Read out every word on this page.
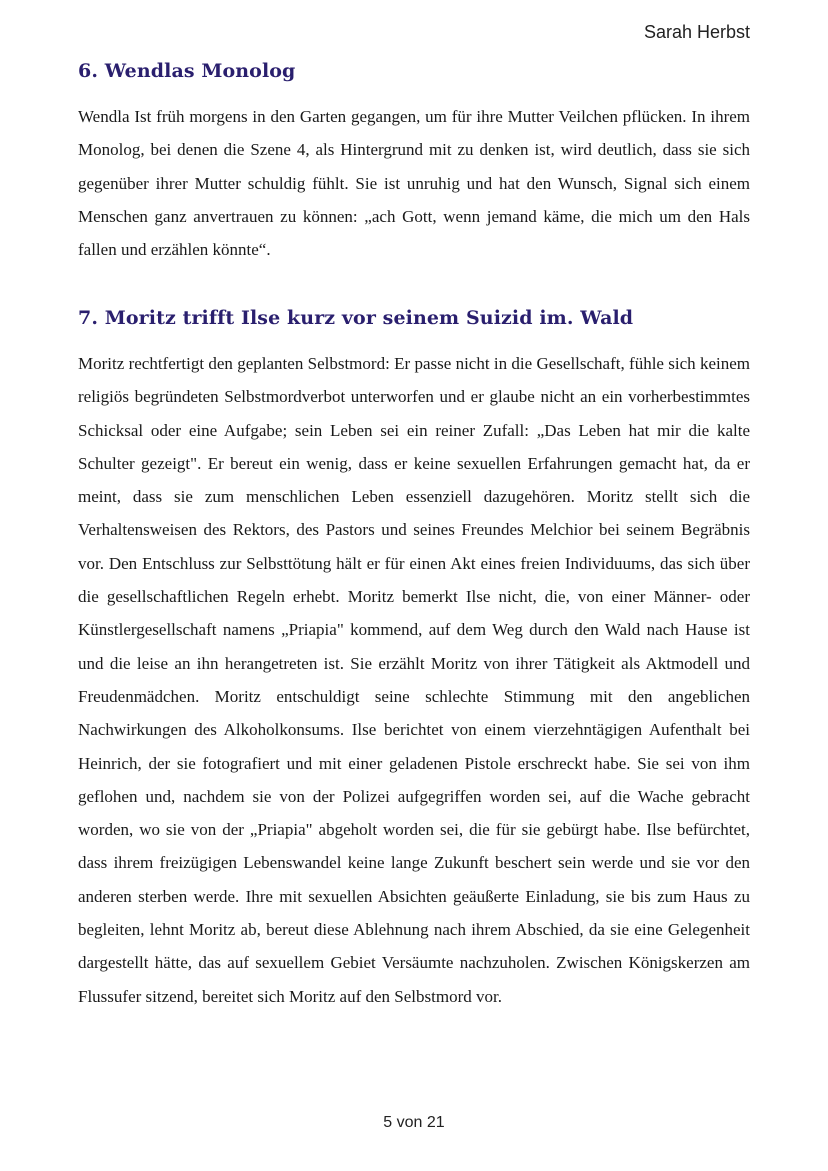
Sarah Herbst
6. Wendlas Monolog

Wendla Ist früh morgens in den Garten gegangen, um für ihre Mutter Veilchen pflücken. In ihrem Monolog, bei denen die Szene 4, als Hintergrund mit zu denken ist, wird deutlich, dass sie sich gegenüber ihrer Mutter schuldig fühlt. Sie ist unruhig und hat den Wunsch, Signal sich einem Menschen ganz anvertrauen zu können: „ach Gott, wenn jemand käme, die mich um den Hals fallen und erzählen könnte“.

7. Moritz trifft Ilse kurz vor seinem Suizid im. Wald

Moritz rechtfertigt den geplanten Selbstmord: Er passe nicht in die Gesellschaft, fühle sich keinem religiös begründeten Selbstmordverbot unterworfen und er glaube nicht an ein vorherbestimmtes Schicksal oder eine Aufgabe; sein Leben sei ein reiner Zufall: „Das Leben hat mir die kalte Schulter gezeigt". Er bereut ein wenig, dass er keine sexuellen Erfahrungen gemacht hat, da er meint, dass sie zum menschlichen Leben essenziell dazugehören. Moritz stellt sich die Verhaltensweisen des Rektors, des Pastors und seines Freundes Melchior bei seinem Begräbnis vor. Den Entschluss zur Selbsttötung hält er für einen Akt eines freien Individuums, das sich über die gesellschaftlichen Regeln erhebt. Moritz bemerkt Ilse nicht, die, von einer Männer- oder Künstlergesellschaft namens „Priapia" kommend, auf dem Weg durch den Wald nach Hause ist und die leise an ihn herangetreten ist. Sie erzählt Moritz von ihrer Tätigkeit als Aktmodell und Freudenmädchen. Moritz entschuldigt seine schlechte Stimmung mit den angeblichen Nachwirkungen des Alkoholkonsums. Ilse berichtet von einem vierzehntägigen Aufenthalt bei Heinrich, der sie fotografiert und mit einer geladenen Pistole erschreckt habe. Sie sei von ihm geflohen und, nachdem sie von der Polizei aufgegriffen worden sei, auf die Wache gebracht worden, wo sie von der „Priapia" abgeholt worden sei, die für sie gebürgt habe. Ilse befürchtet, dass ihrem freizügigen Lebenswandel keine lange Zukunft beschert sein werde und sie vor den anderen sterben werde. Ihre mit sexuellen Absichten geäußerte Einladung, sie bis zum Haus zu begleiten, lehnt Moritz ab, bereut diese Ablehnung nach ihrem Abschied, da sie eine Gelegenheit dargestellt hätte, das auf sexuellem Gebiet Versäumte nachzuholen. Zwischen Königskerzen am Flussufer sitzend, bereitet sich Moritz auf den Selbstmord vor.

5 von 21
